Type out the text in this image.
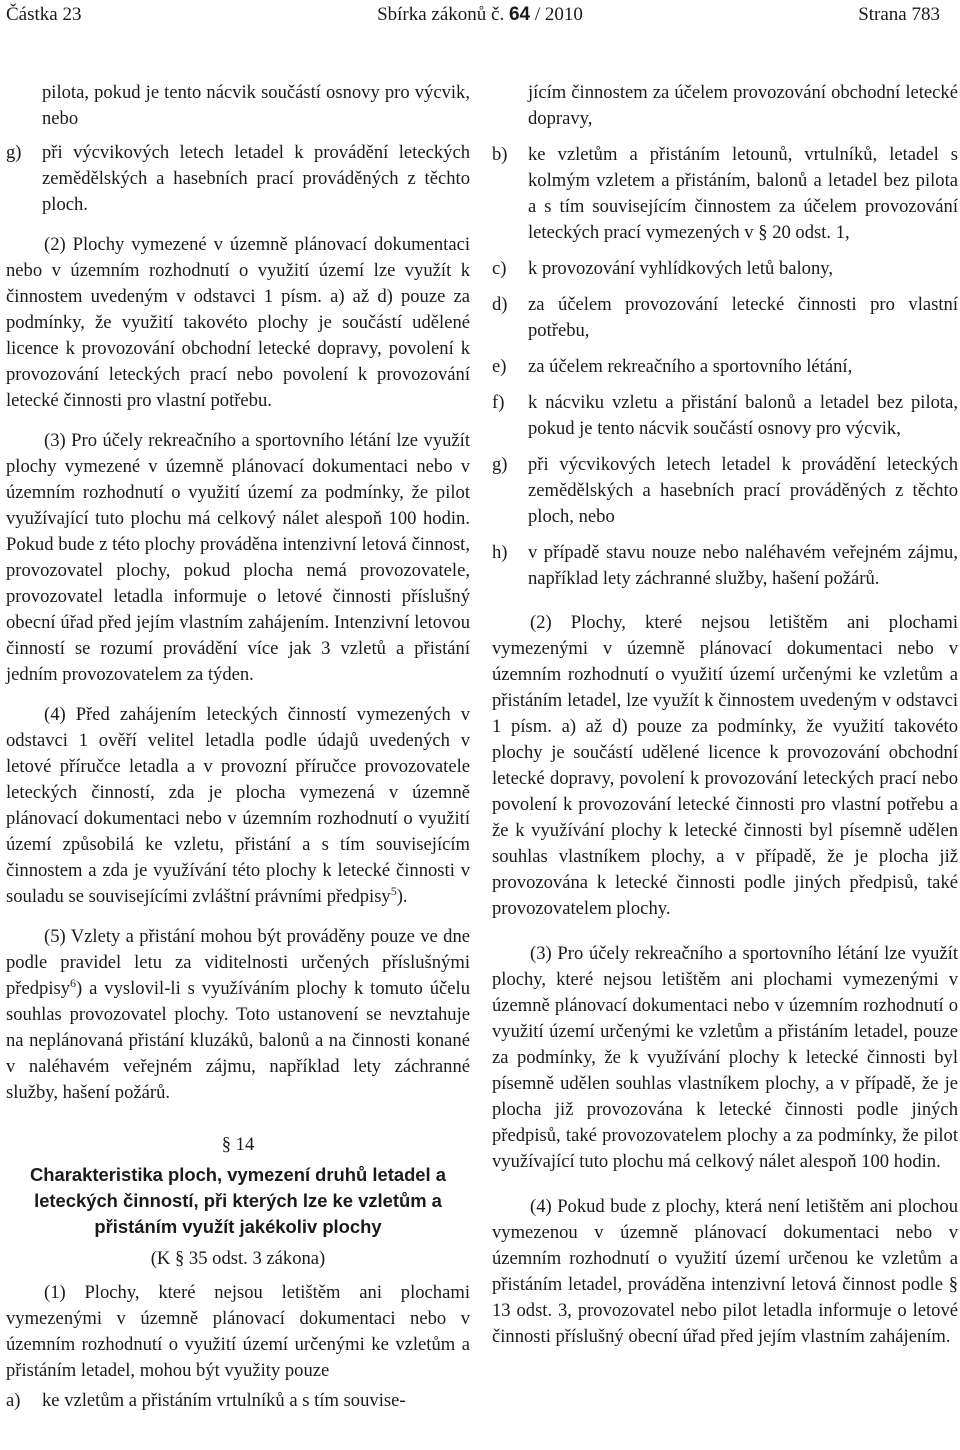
Částka 23	Sbírka zákonů č. 64 / 2010	Strana 783

pilota, pokud je tento nácvik součástí osnovy pro výcvik, nebo

g) při výcvikových letech letadel k provádění leteckých zemědělských a hasebních prací prováděných z těchto ploch.

(2) Plochy vymezené v územně plánovací dokumentaci nebo v územním rozhodnutí o využití území lze využít k činnostem uvedeným v odstavci 1 písm. a) až d) pouze za podmínky, že využití takovéto plochy je součástí udělené licence k provozování obchodní letecké dopravy, povolení k provozování leteckých prací nebo povolení k provozování letecké činnosti pro vlastní potřebu.

(3) Pro účely rekreačního a sportovního létání lze využít plochy vymezené v územně plánovací dokumentaci nebo v územním rozhodnutí o využití území za podmínky, že pilot využívající tuto plochu má celkový nálet alespoň 100 hodin. Pokud bude z této plochy prováděna intenzivní letová činnost, provozovatel plochy, pokud plocha nemá provozovatele, provozovatel letadla informuje o letové činnosti příslušný obecní úřad před jejím vlastním zahájením. Intenzivní letovou činností se rozumí provádění více jak 3 vzletů a přistání jedním provozovatelem za týden.

(4) Před zahájením leteckých činností vymezených v odstavci 1 ověří velitel letadla podle údajů uvedených v letové příručce letadla a v provozní příručce provozovatele leteckých činností, zda je plocha vymezená v územně plánovací dokumentaci nebo v územním rozhodnutí o využití území způsobilá ke vzletu, přistání a s tím souvisejícím činnostem a zda je využívání této plochy k letecké činnosti v souladu se souvisejícími zvláštní právními předpisy$^5$).

(5) Vzlety a přistání mohou být prováděny pouze ve dne podle pravidel letu za viditelnosti určených příslušnými předpisy$^6$) a vyslovil-li s využíváním plochy k tomuto účelu souhlas provozovatel plochy. Toto ustanovení se nevztahuje na neplánovaná přistání kluzáků, balonů a na činnosti konané v naléhavém veřejném zájmu, například lety záchranné služby, hašení požárů.

§ 14
Charakteristika ploch, vymezení druhů letadel a leteckých činností, při kterých lze ke vzletům a přistáním využít jakékoliv plochy
(K § 35 odst. 3 zákona)

(1) Plochy, které nejsou letištěm ani plochami vymezenými v územně plánovací dokumentaci nebo v územním rozhodnutí o využití území určenými ke vzletům a přistáním letadel, mohou být využity pouze

a) ke vzletům a přistáním vrtulníků a s tím souvise-

jícím činnostem za účelem provozování obchodní letecké dopravy,

b) ke vzletům a přistáním letounů, vrtulníků, letadel s kolmým vzletem a přistáním, balonů a letadel bez pilota a s tím souvisejícím činnostem za účelem provozování leteckých prací vymezených v § 20 odst. 1,
c) k provozování vyhlídkových letů balony,
d) za účelem provozování letecké činnosti pro vlastní potřebu,
e) za účelem rekreačního a sportovního létání,
f) k nácviku vzletu a přistání balonů a letadel bez pilota, pokud je tento nácvik součástí osnovy pro výcvik,
g) při výcvikových letech letadel k provádění leteckých zemědělských a hasebních prací prováděných z těchto ploch, nebo
h) v případě stavu nouze nebo naléhavém veřejném zájmu, například lety záchranné služby, hašení požárů.

(2) Plochy, které nejsou letištěm ani plochami vymezenými v územně plánovací dokumentaci nebo v územním rozhodnutí o využití území určenými ke vzletům a přistáním letadel, lze využít k činnostem uvedeným v odstavci 1 písm. a) až d) pouze za podmínky, že využití takovéto plochy je součástí udělené licence k provozování obchodní letecké dopravy, povolení k provozování leteckých prací nebo povolení k provozování letecké činnosti pro vlastní potřebu a že k využívání plochy k letecké činnosti byl písemně udělen souhlas vlastníkem plochy, a v případě, že je plocha již provozována k letecké činnosti podle jiných předpisů, také provozovatelem plochy.

(3) Pro účely rekreačního a sportovního létání lze využít plochy, které nejsou letištěm ani plochami vymezenými v územně plánovací dokumentaci nebo v územním rozhodnutí o využití území určenými ke vzletům a přistáním letadel, pouze za podmínky, že k využívání plochy k letecké činnosti byl písemně udělen souhlas vlastníkem plochy, a v případě, že je plocha již provozována k letecké činnosti podle jiných předpisů, také provozovatelem plochy a za podmínky, že pilot využívající tuto plochu má celkový nálet alespoň 100 hodin.

(4) Pokud bude z plochy, která není letištěm ani plochou vymezenou v územně plánovací dokumentaci nebo v územním rozhodnutí o využití území určenou ke vzletům a přistáním letadel, prováděna intenzivní letová činnost podle § 13 odst. 3, provozovatel nebo pilot letadla informuje o letové činnosti příslušný obecní úřad před jejím vlastním zahájením.
